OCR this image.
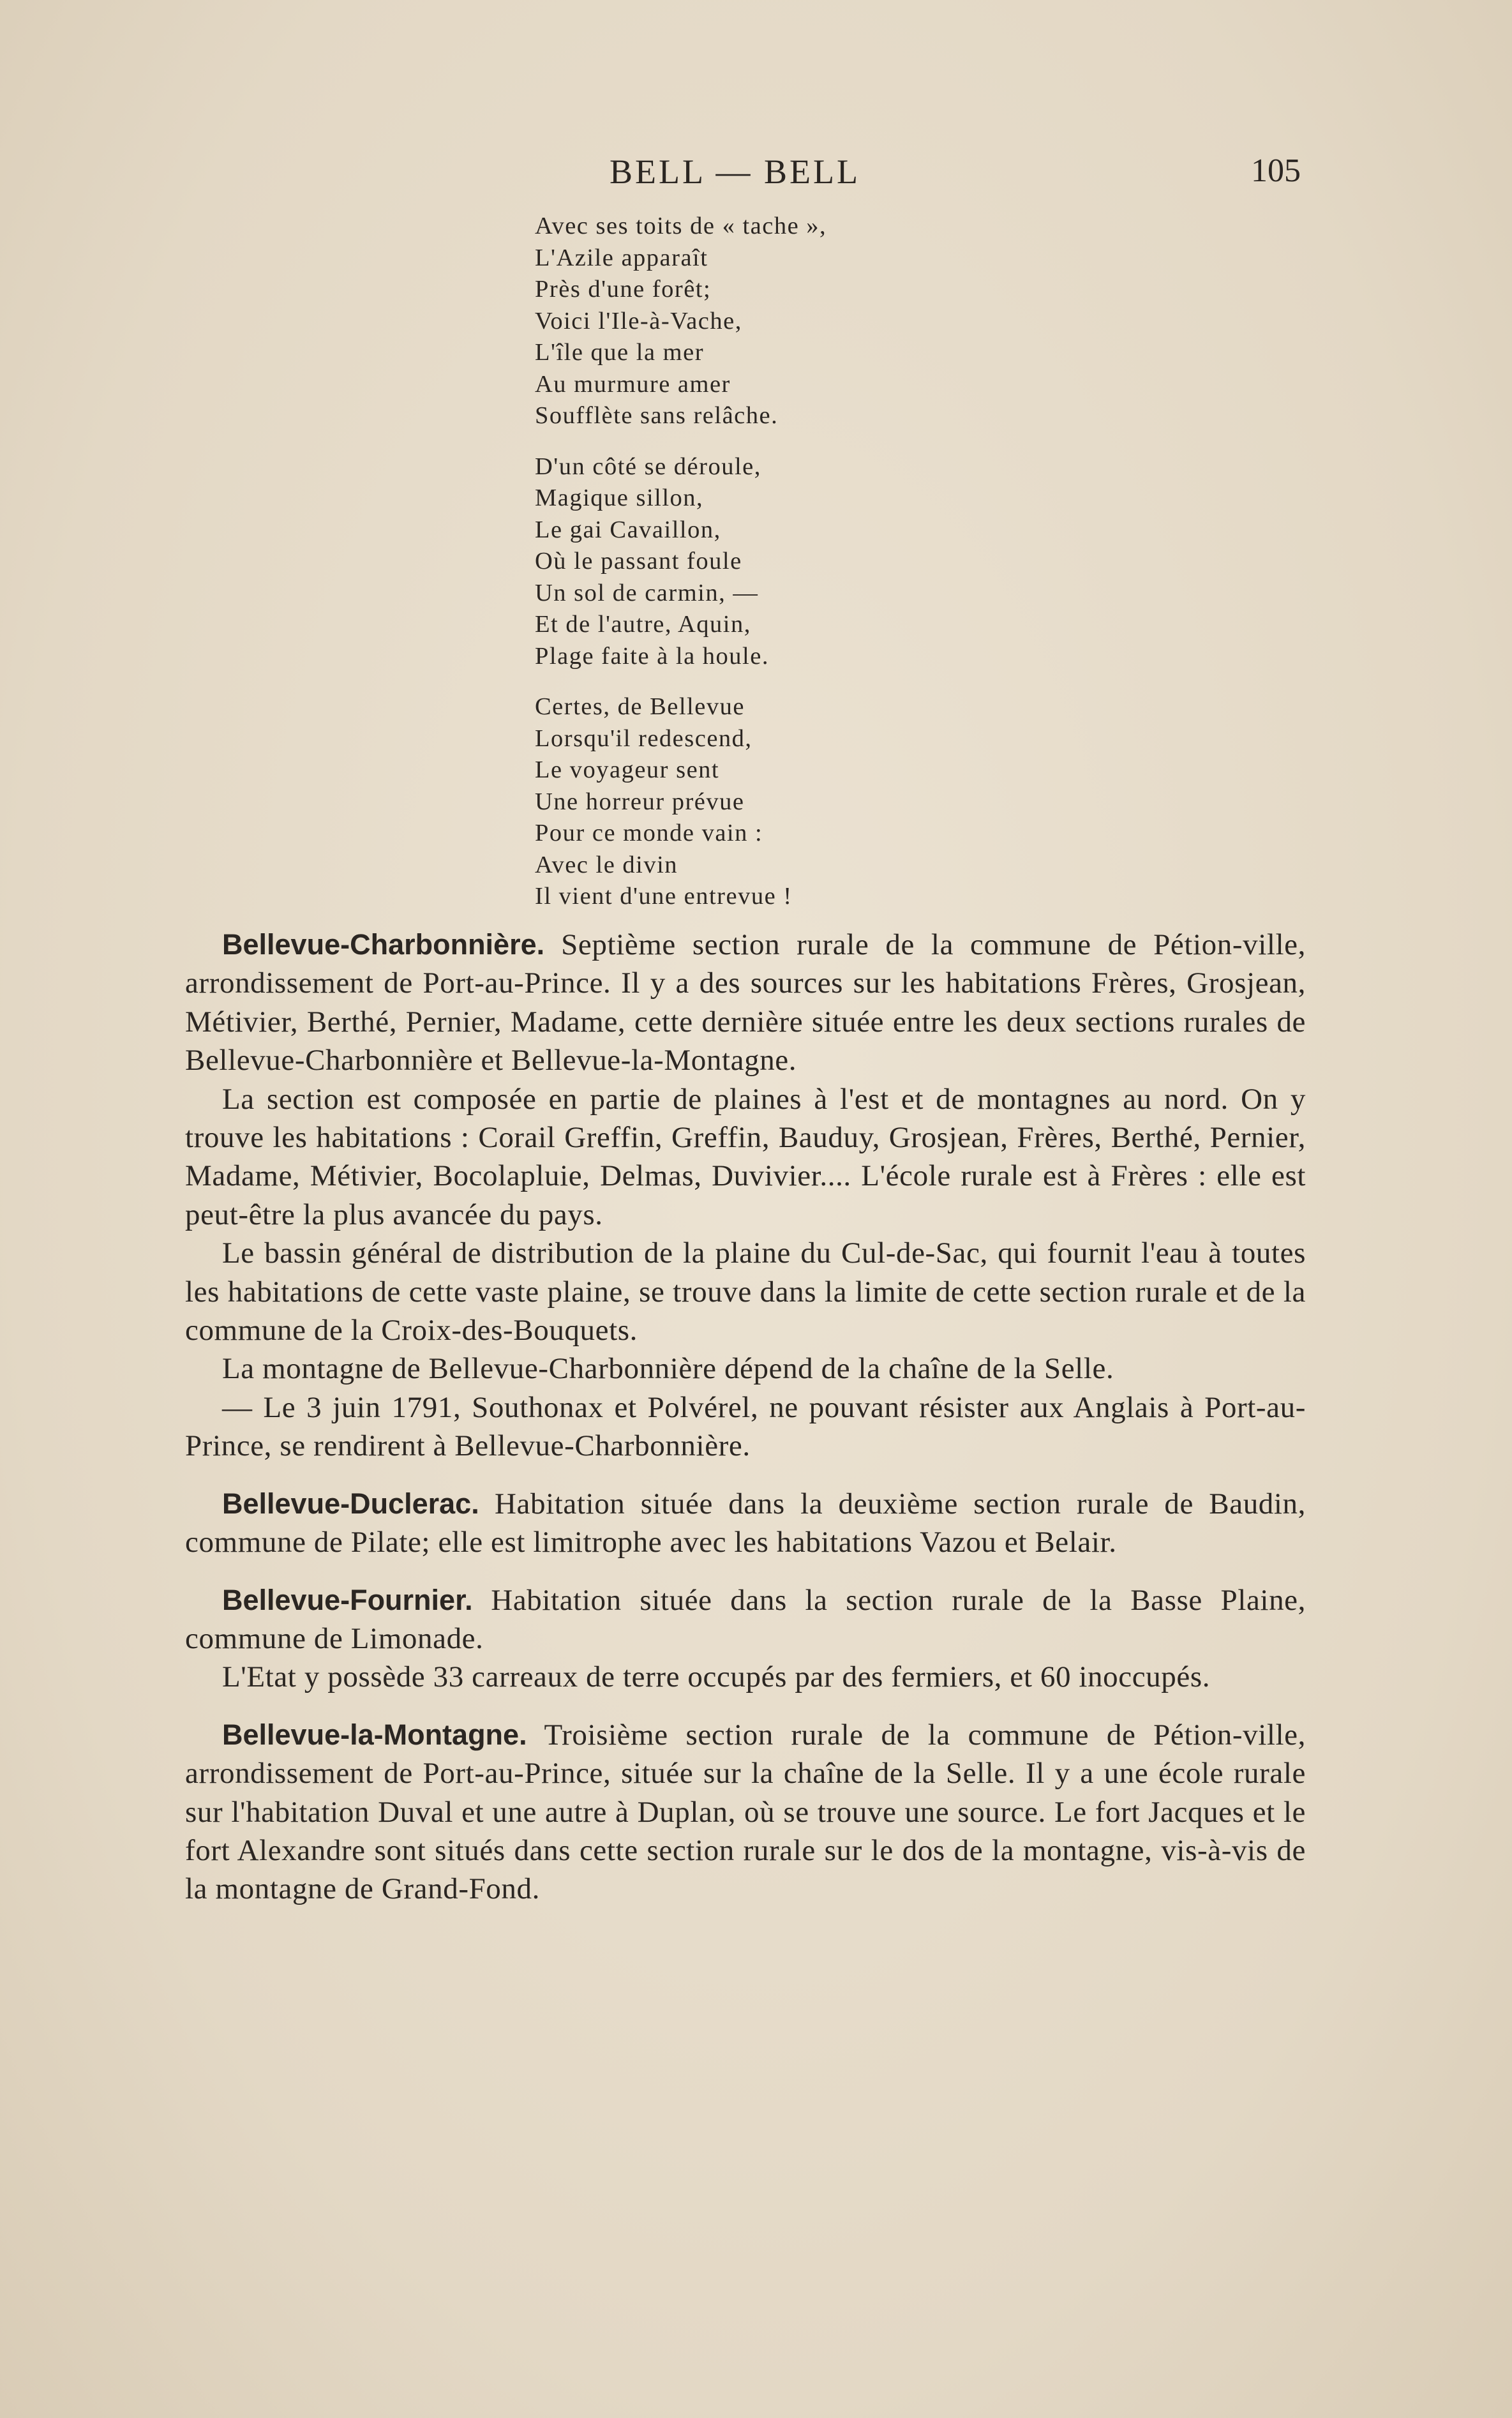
BELL — BELL	105
Avec ses toits de « tache »,
L'Azile apparaît
Près d'une forêt;
Voici l'Ile-à-Vache,
L'île que la mer
Au murmure amer
Soufflète sans relâche.
D'un côté se déroule,
Magique sillon,
Le gai Cavaillon,
Où le passant foule
Un sol de carmin, —
Et de l'autre, Aquin,
Plage faite à la houle.
Certes, de Bellevue
Lorsqu'il redescend,
Le voyageur sent
Une horreur prévue
Pour ce monde vain :
Avec le divin
Il vient d'une entrevue !

Bellevue-Charbonnière. Septième section rurale de la commune de Pétion-ville, arrondissement de Port-au-Prince. Il y a des sources sur les habitations Frères, Grosjean, Métivier, Berthé, Pernier, Madame, cette dernière située entre les deux sections rurales de Bellevue-Charbonnière et Bellevue-la-Montagne.

La section est composée en partie de plaines à l'est et de montagnes au nord. On y trouve les habitations : Corail Greffin, Greffin, Bauduy, Grosjean, Frères, Berthé, Pernier, Madame, Métivier, Bocolapluie, Delmas, Duvivier.... L'école rurale est à Frères : elle est peut-être la plus avancée du pays.

Le bassin général de distribution de la plaine du Cul-de-Sac, qui fournit l'eau à toutes les habitations de cette vaste plaine, se trouve dans la limite de cette section rurale et de la commune de la Croix-des-Bouquets.

La montagne de Bellevue-Charbonnière dépend de la chaîne de la Selle.

— Le 3 juin 1791, Southonax et Polvérel, ne pouvant résister aux Anglais à Port-au-Prince, se rendirent à Bellevue-Charbonnière.

Bellevue-Duclerac. Habitation située dans la deuxième section rurale de Baudin, commune de Pilate; elle est limitrophe avec les habitations Vazou et Belair.

Bellevue-Fournier. Habitation située dans la section rurale de la Basse Plaine, commune de Limonade.

L'Etat y possède 33 carreaux de terre occupés par des fermiers, et 60 inoccupés.

Bellevue-la-Montagne. Troisième section rurale de la commune de Pétion-ville, arrondissement de Port-au-Prince, située sur la chaîne de la Selle. Il y a une école rurale sur l'habitation Duval et une autre à Duplan, où se trouve une source. Le fort Jacques et le fort Alexandre sont situés dans cette section rurale sur le dos de la montagne, vis-à-vis de la montagne de Grand-Fond.
